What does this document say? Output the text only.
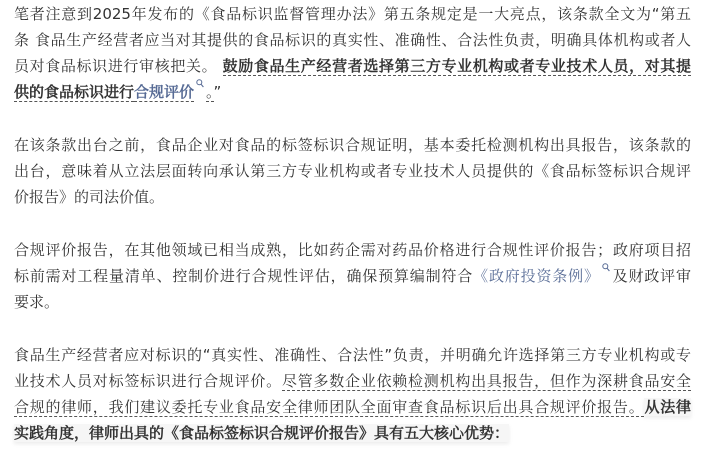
笔者注意到2025年发布的《食品标识监督管理办法》第五条规定是一大亮点，该条款全文为“第五
条 食品生产经营者应当对其提供的食品标识的真实性、准确性、合法性负责，明确具体机构或者人
员对食品标识进行审核把关。 鼓励食品生产经营者选择第三方专业机构或者专业技术人员，对其提
供的食品标识进行合规评价 。”
在该条款出台之前，食品企业对食品的标签标识合规证明，基本委托检测机构出具报告，该条款的
出台，意味着从立法层面转向承认第三方专业机构或者专业技术人员提供的《食品标签标识合规评
价报告》的司法价值。
合规评价报告，在其他领域已相当成熟，比如药企需对药品价格进行合规性评价报告；政府项目招
标前需对工程量清单、控制价进行合规性评估，确保预算编制符合《政府投资条例》 及财政评审
要求。
食品生产经营者应对标识的“真实性、准确性、合法性”负责，并明确允许选择第三方专业机构或专
业技术人员对标签标识进行合规评价。尽管多数企业依赖检测机构出具报告，但作为深耕食品安全
合规的律师，我们建议委托专业食品安全律师团队全面审查食品标识后出具合规评价报告。从法律
实践角度，律师出具的《食品标签标识合规评价报告》具有五大核心优势：
